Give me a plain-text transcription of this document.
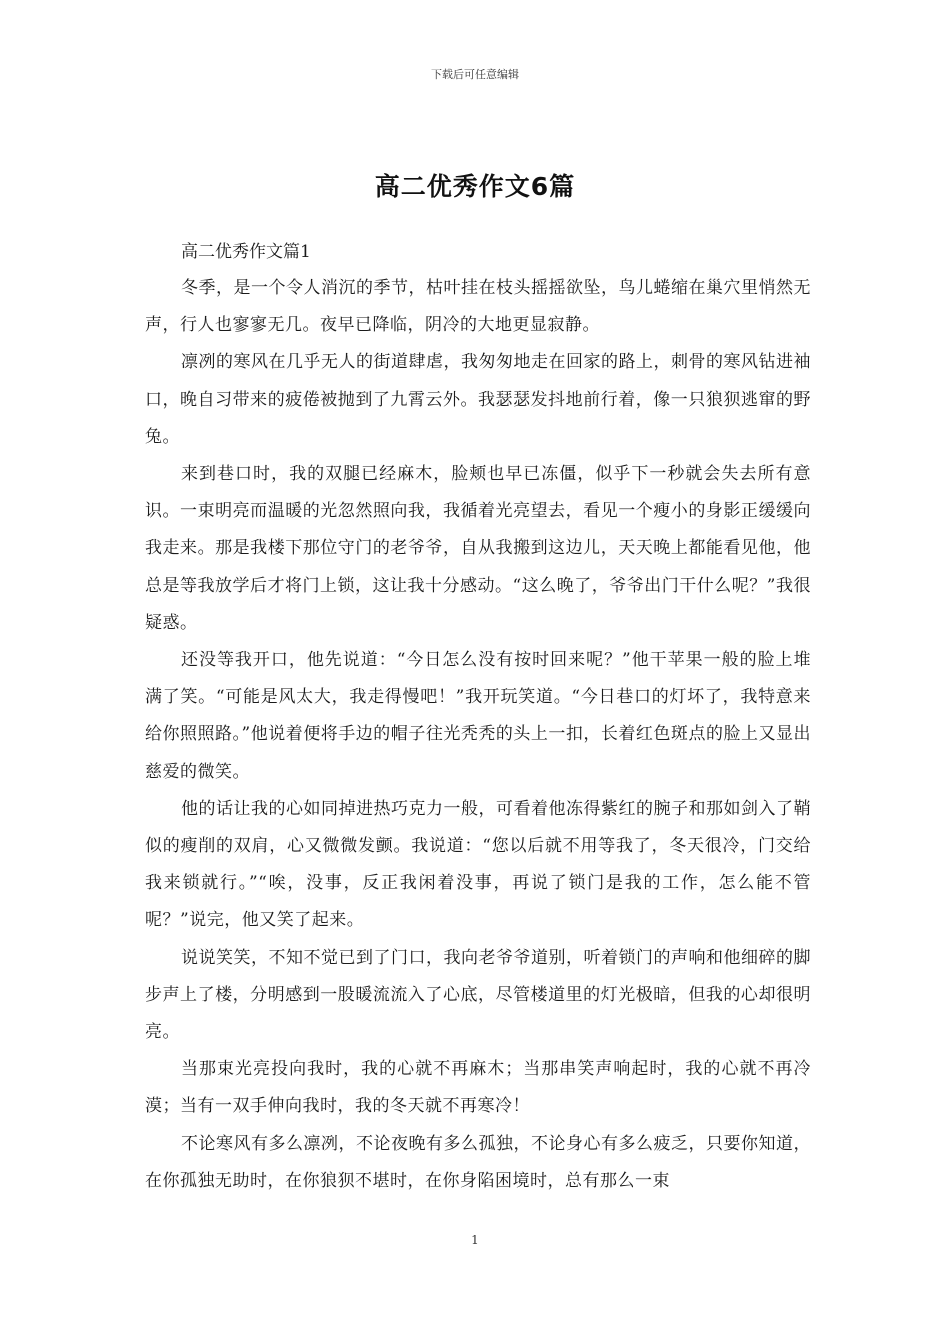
下载后可任意编辑
高二优秀作文6篇

高二优秀作文篇1

冬季，是一个令人消沉的季节，枯叶挂在枝头摇摇欲坠，鸟儿蜷缩在巢穴里悄然无声，行人也寥寥无几。夜早已降临，阴冷的大地更显寂静。

凛冽的寒风在几乎无人的街道肆虐，我匆匆地走在回家的路上，刺骨的寒风钻进袖口，晚自习带来的疲倦被抛到了九霄云外。我瑟瑟发抖地前行着，像一只狼狈逃窜的野兔。

来到巷口时，我的双腿已经麻木，脸颊也早已冻僵，似乎下一秒就会失去所有意识。一束明亮而温暖的光忽然照向我，我循着光亮望去，看见一个瘦小的身影正缓缓向我走来。那是我楼下那位守门的老爷爷，自从我搬到这边儿，天天晚上都能看见他，他总是等我放学后才将门上锁，这让我十分感动。“这么晚了，爷爷出门干什么呢？”我很疑惑。

还没等我开口，他先说道：“今日怎么没有按时回来呢？”他干苹果一般的脸上堆满了笑。“可能是风太大，我走得慢吧！”我开玩笑道。“今日巷口的灯坏了，我特意来给你照照路。”他说着便将手边的帽子往光秃秃的头上一扣，长着红色斑点的脸上又显出慈爱的微笑。

他的话让我的心如同掉进热巧克力一般，可看着他冻得紫红的腕子和那如剑入了鞘似的瘦削的双肩，心又微微发颤。我说道：“您以后就不用等我了，冬天很冷，门交给我来锁就行。”“唉，没事，反正我闲着没事，再说了锁门是我的工作，怎么能不管呢？”说完，他又笑了起来。

说说笑笑，不知不觉已到了门口，我向老爷爷道别，听着锁门的声响和他细碎的脚步声上了楼，分明感到一股暖流流入了心底，尽管楼道里的灯光极暗，但我的心却很明亮。

当那束光亮投向我时，我的心就不再麻木；当那串笑声响起时，我的心就不再冷漠；当有一双手伸向我时，我的冬天就不再寒冷！

不论寒风有多么凛冽，不论夜晚有多么孤独，不论身心有多么疲乏，只要你知道，在你孤独无助时，在你狼狈不堪时，在你身陷困境时，总有那么一束

1
